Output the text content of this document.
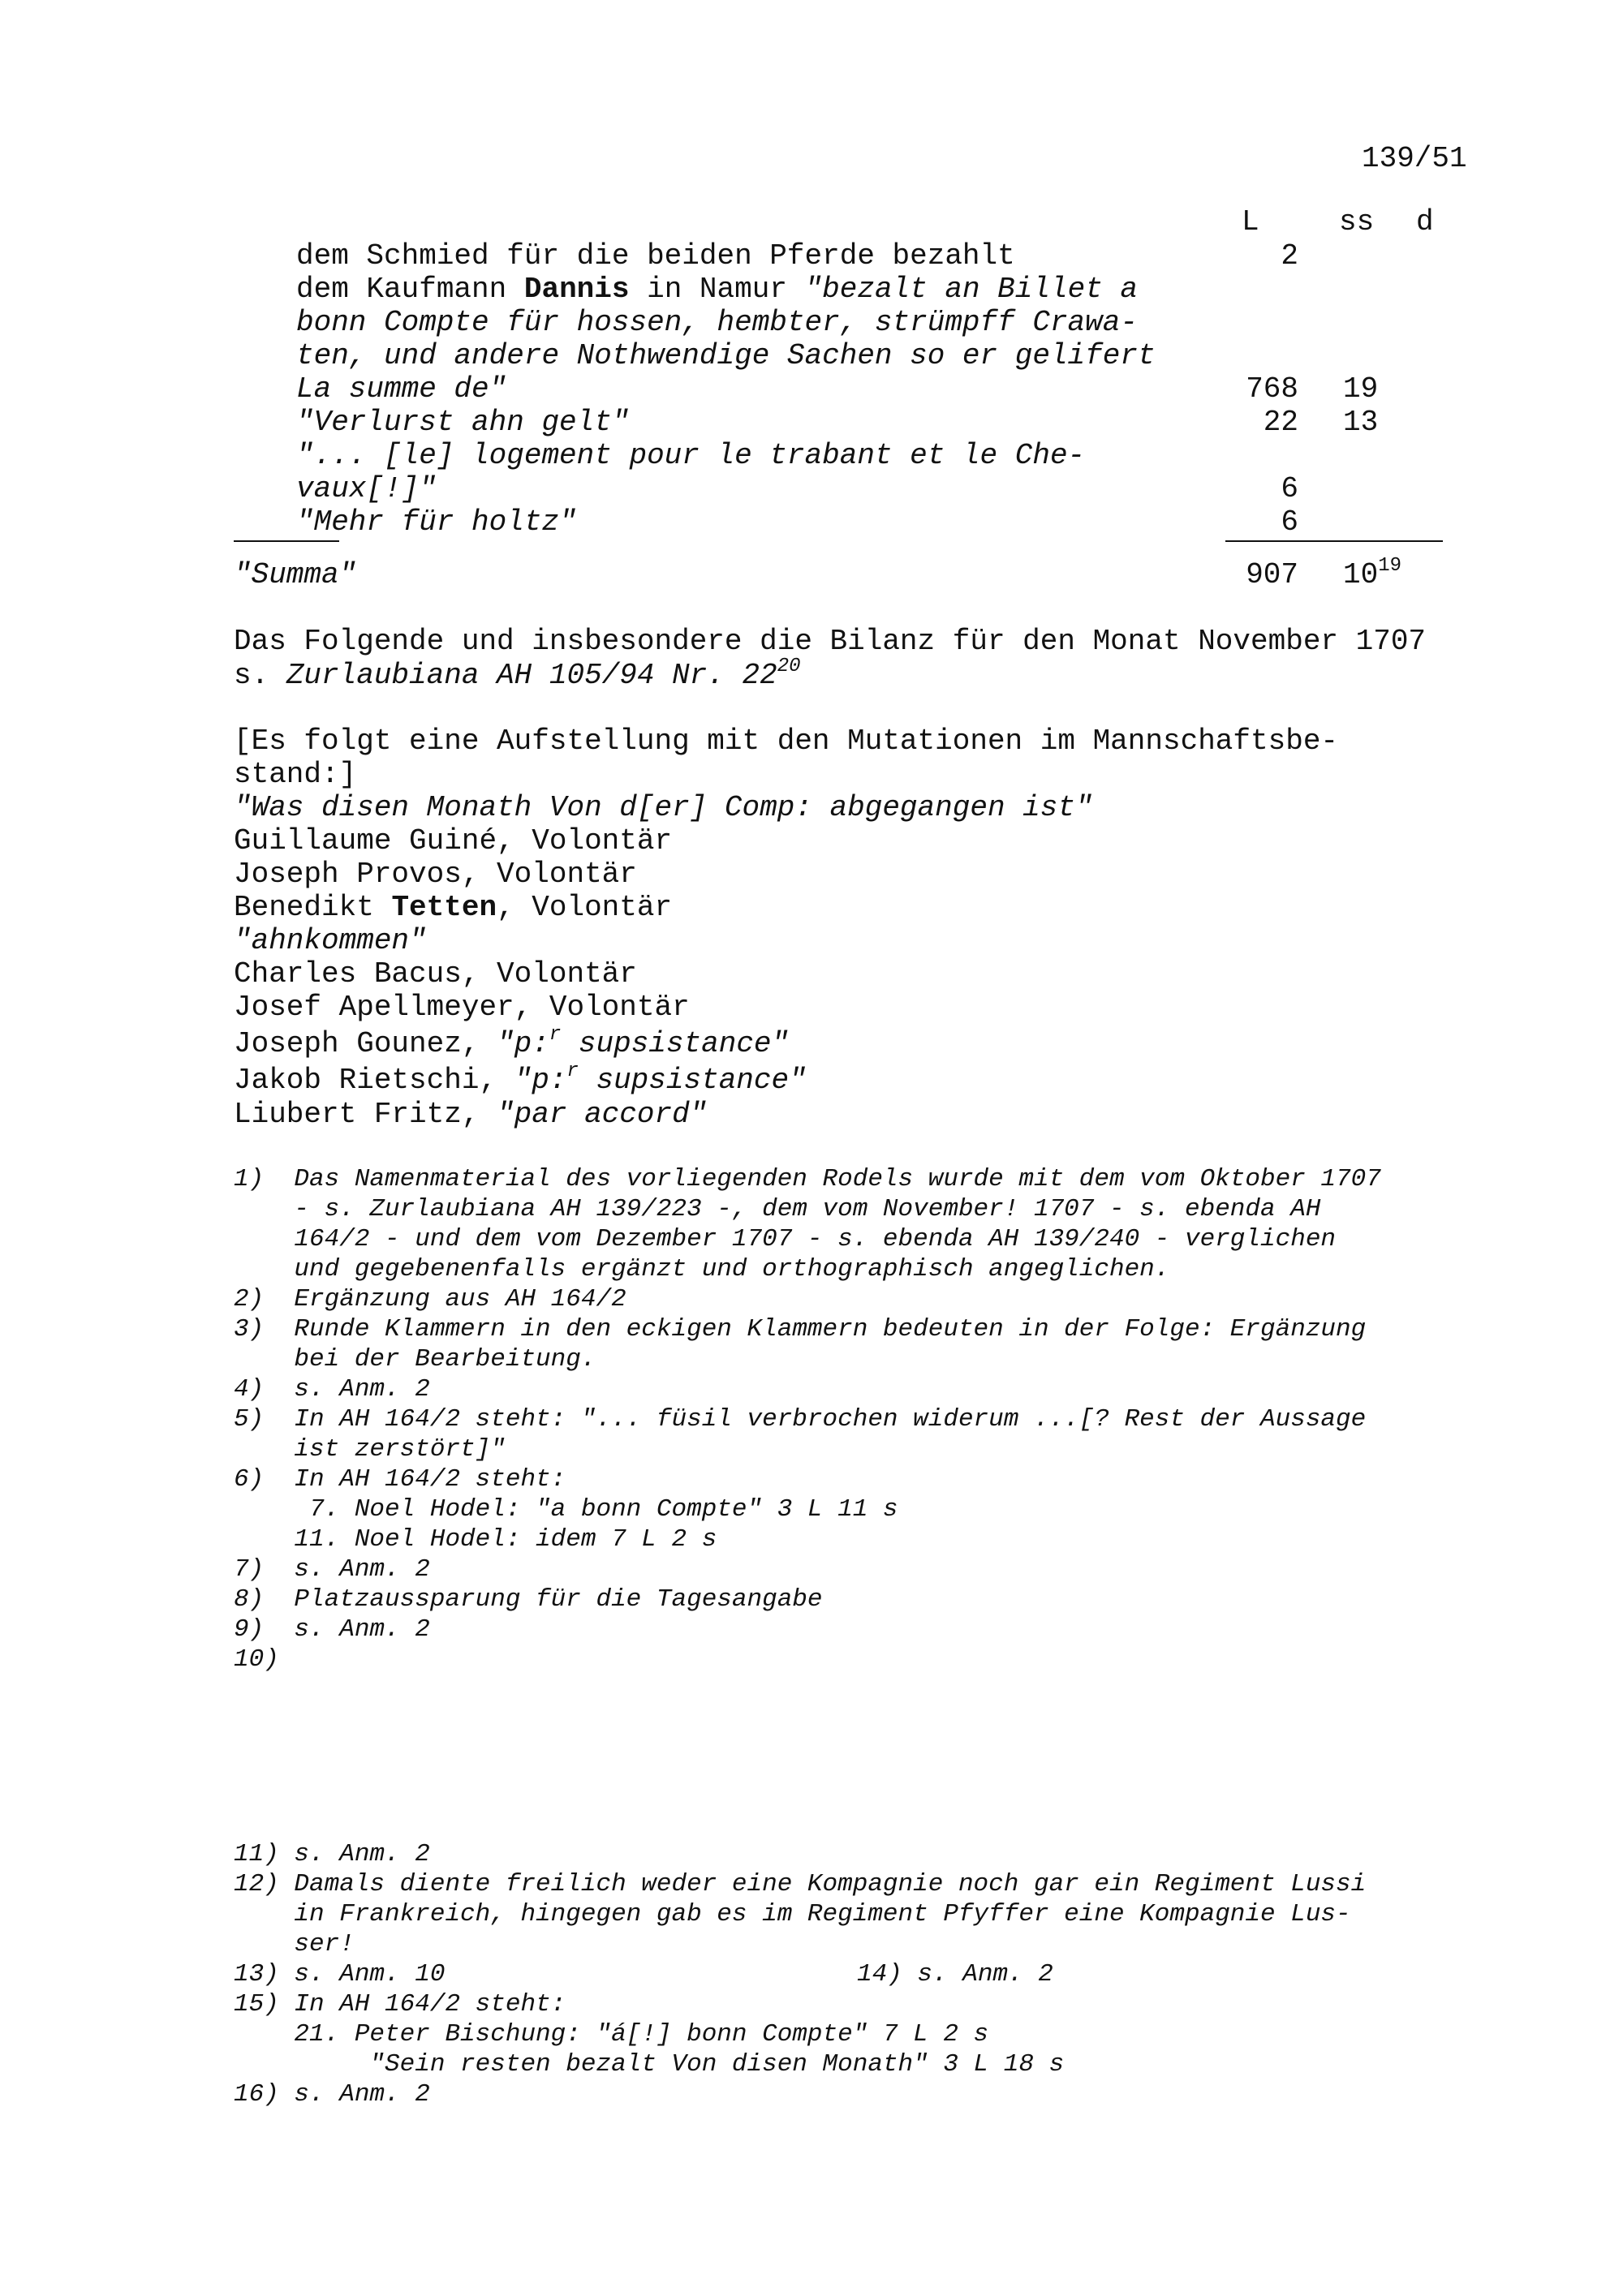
139/51
L	ss d
dem Schmied für die beiden Pferde bezahlt	2
dem Kaufmann Dannis in Namur "bezalt an Billet a
bonn Compte für hossen, hembter, strümpff Crawa-
ten, und andere Nothwendige Sachen so er gelifert
La summe de"	768 19
"Verlurst ahn gelt"	22 13
"... [le] logement pour le trabant et le Che-
vaux[!]"	6
"Mehr für holtz"	6
"Summa"	907 $10^{19}$
Das Folgende und insbesondere die Bilanz für den Monat November 1707
s. Zurlaubiana AH 105/94 Nr. $22^{20}$
[Es folgt eine Aufstellung mit den Mutationen im Mannschaftsbe-
stand:]
"Was disen Monath Von d[er] Comp: abgegangen ist"
Guillaume Guiné, Volontär
Joseph Provos, Volontär
Benedikt Tetten, Volontär
"ahnkommen"
Charles Bacus, Volontär
Josef Apellmeyer, Volontär
Joseph Gounez, "p:$^r$ supsistance"
Jakob Rietschi, "p:$^r$ supsistance"
Liubert Fritz, "par accord"
1)  Das Namenmaterial des vorliegenden Rodels wurde mit dem vom Oktober 1707
- s. Zurlaubiana AH 139/223 -, dem vom November! 1707 - s. ebenda AH
164/2 - und dem vom Dezember 1707 - s. ebenda AH 139/240 - verglichen
und gegebenenfalls ergänzt und orthographisch angeglichen.
2)  Ergänzung aus AH 164/2
3)  Runde Klammern in den eckigen Klammern bedeuten in der Folge: Ergänzung
bei der Bearbeitung.
4)  s. Anm. 2
5)  In AH 164/2 steht: "... füsil verbrochen widerum ...[? Rest der Aussage
ist zerstört]"
6)  In AH 164/2 steht:
7. Noel Hodel: "a bonn Compte" 3 L 11 s
11. Noel Hodel: idem 7 L 2 s
7)  s. Anm. 2
8)  Platzaussparung für die Tagesangabe
9)  s. Anm. 2
10)
11) s. Anm. 2
12) Damals diente freilich weder eine Kompagnie noch gar ein Regiment Lussi
in Frankreich, hingegen gab es im Regiment Pfyffer eine Kompagnie Lus-
ser!
13) s. Anm. 10	14) s. Anm. 2
15) In AH 164/2 steht:
21. Peter Bischung: "á[!] bonn Compte" 7 L 2 s
"Sein resten bezalt Von disen Monath" 3 L 18 s
16) s. Anm. 2
